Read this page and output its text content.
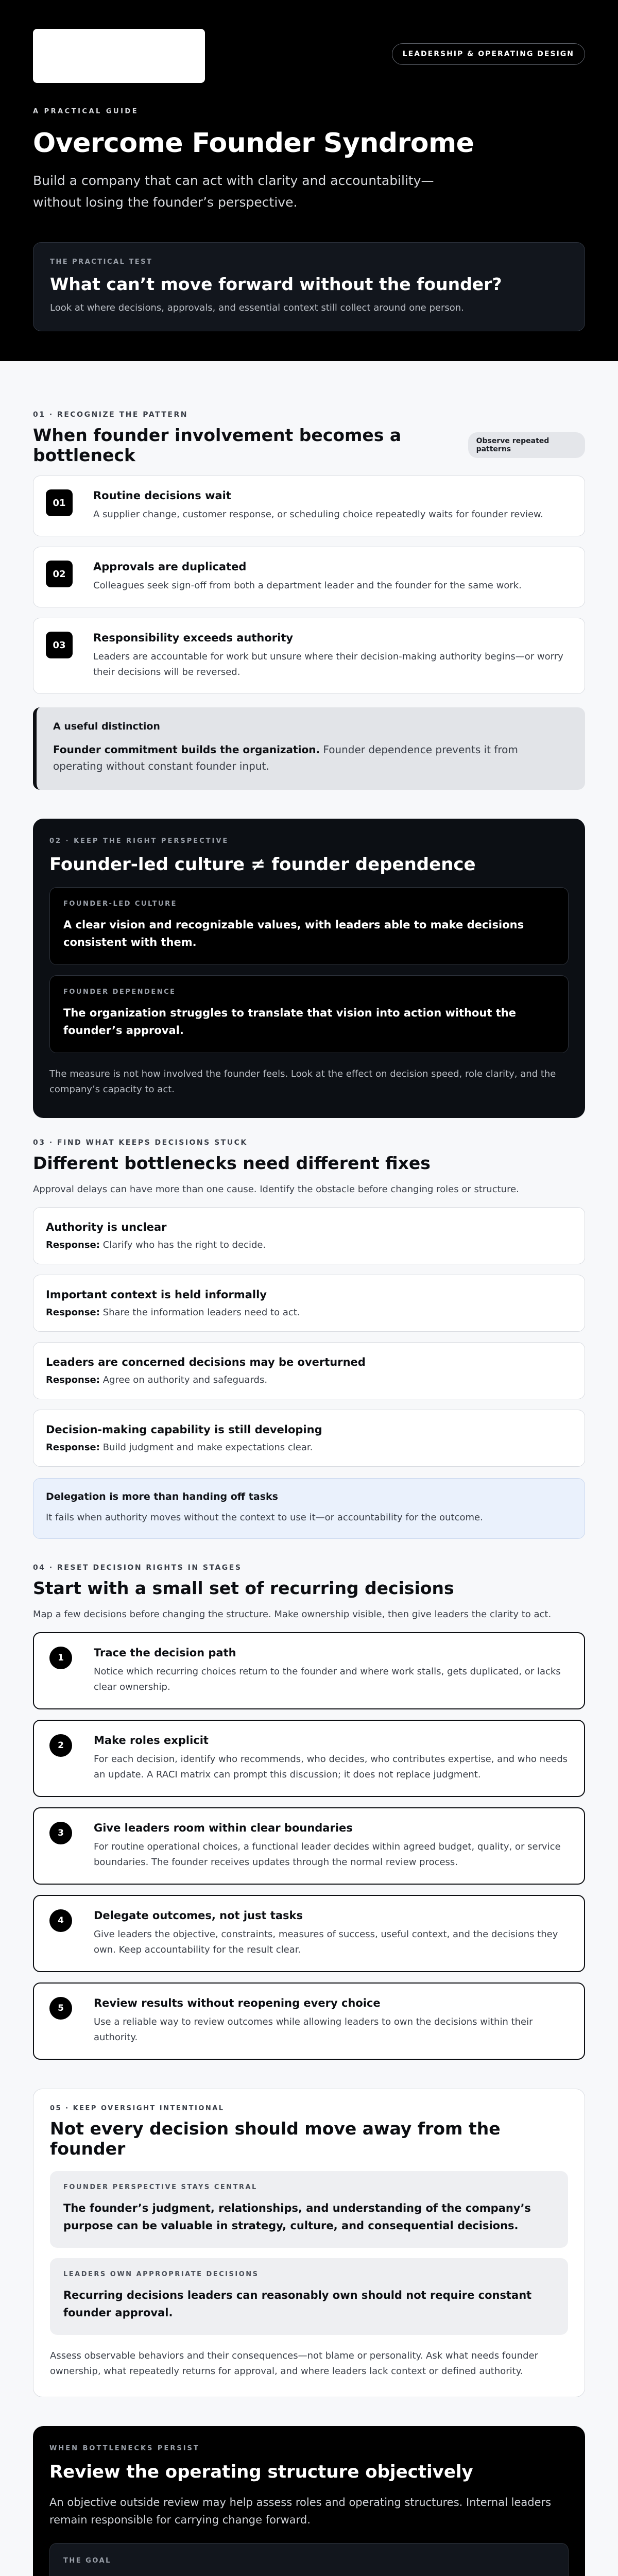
LEADERSHIP & OPERATING DESIGN
A PRACTICAL GUIDE
Overcome Founder Syndrome

Build a company that can act with clarity and accountability—without losing the founder’s perspective.

THE PRACTICAL TEST
What can’t move forward without the founder?
Look at where decisions, approvals, and essential context still collect around one person.
01 · RECOGNIZE THE PATTERN
When founder involvement becomes a bottleneck
Observe repeated patterns
01
Routine decisions wait
A supplier change, customer response, or scheduling choice repeatedly waits for founder review.
02
Approvals are duplicated
Colleagues seek sign-off from both a department leader and the founder for the same work.
03
Responsibility exceeds authority
Leaders are accountable for work but unsure where their decision-making authority begins—or worry their decisions will be reversed.
A useful distinction

Founder commitment builds the organization. Founder dependence prevents it from operating without constant founder input.

02 · KEEP THE RIGHT PERSPECTIVE
Founder-led culture ≠ founder dependence
FOUNDER-LED CULTURE
A clear vision and recognizable values, with leaders able to make decisions consistent with them.
FOUNDER DEPENDENCE
The organization struggles to translate that vision into action without the founder’s approval.

The measure is not how involved the founder feels. Look at the effect on decision speed, role clarity, and the company’s capacity to act.

03 · FIND WHAT KEEPS DECISIONS STUCK
Different bottlenecks need different fixes

Approval delays can have more than one cause. Identify the obstacle before changing roles or structure.

Authority is unclear
Response: Clarify who has the right to decide.
Important context is held informally
Response: Share the information leaders need to act.
Leaders are concerned decisions may be overturned
Response: Agree on authority and safeguards.
Decision-making capability is still developing
Response: Build judgment and make expectations clear.
Delegation is more than handing off tasks

It fails when authority moves without the context to use it—or accountability for the outcome.

04 · RESET DECISION RIGHTS IN STAGES
Start with a small set of recurring decisions

Map a few decisions before changing the structure. Make ownership visible, then give leaders the clarity to act.

1	Trace the decision path
Notice which recurring choices return to the founder and where work stalls, gets duplicated, or lacks clear ownership.
2	Make roles explicit
For each decision, identify who recommends, who decides, who contributes expertise, and who needs an update. A RACI matrix can prompt this discussion; it does not replace judgment.
3	Give leaders room within clear boundaries
For routine operational choices, a functional leader decides within agreed budget, quality, or service boundaries. The founder receives updates through the normal review process.
4	Delegate outcomes, not just tasks
Give leaders the objective, constraints, measures of success, useful context, and the decisions they own. Keep accountability for the result clear.
5	Review results without reopening every choice
Use a reliable way to review outcomes while allowing leaders to own the decisions within their authority.
05 · KEEP OVERSIGHT INTENTIONAL
Not every decision should move away from the founder
FOUNDER PERSPECTIVE STAYS CENTRAL
The founder’s judgment, relationships, and understanding of the company’s purpose can be valuable in strategy, culture, and consequential decisions.
LEADERS OWN APPROPRIATE DECISIONS
Recurring decisions leaders can reasonably own should not require constant founder approval.

Assess observable behaviors and their consequences—not blame or personality. Ask what needs founder ownership, what repeatedly returns for approval, and where leaders lack context or defined authority.

WHEN BOTTLENECKS PERSIST
Review the operating structure objectively

An objective outside review may help assess roles and operating structures. Internal leaders remain responsible for carrying change forward.

THE GOAL
